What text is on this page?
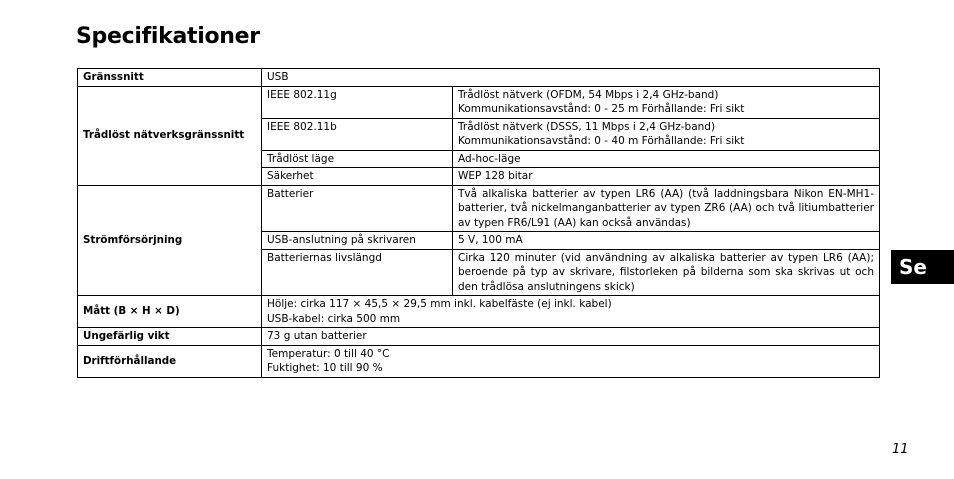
Specifikationer
Gränssnitt	USB	
Trådlöst nätverksgränssnitt	IEEE 802.11g	Trådlöst nätverk (OFDM, 54 Mbps i 2,4 GHz-band)
Kommunikationsavstånd: 0 - 25 m Förhållande: Fri sikt

	IEEE 802.11b	Trådlöst nätverk (DSSS, 11 Mbps i 2,4 GHz-band)
Kommunikationsavstånd: 0 - 40 m Förhållande: Fri sikt

	Trådlöst läge	Ad-hoc-läge
	Säkerhet	WEP 128 bitar
Strömförsörjning	Batterier	Två alkaliska batterier av typen LR6 (AA) (två laddningsbara Nikon EN-MH1-batterier, två nickelmanganbatterier av typen ZR6 (AA) och två litiumbatterier av typen FR6/L91 (AA) kan också användas)
	USB-anslutning på skrivaren	5 V, 100 mA
	Batteriernas livslängd	Cirka 120 minuter (vid användning av alkaliska batterier av typen LR6 (AA); beroende på typ av skrivare, filstorleken på bilderna som ska skrivas ut och den trådlösa anslutningens skick)
Mått (B × H × D)	Hölje: cirka 117 × 45,5 × 29,5 mm inkl. kabelfäste (ej inkl. kabel)
USB-kabel: cirka 500 mm	

Ungefärlig vikt	73 g utan batterier	
Driftförhållande	Temperatur: 0 till 40 °C
Fuktighet: 10 till 90 %	
Se
11
